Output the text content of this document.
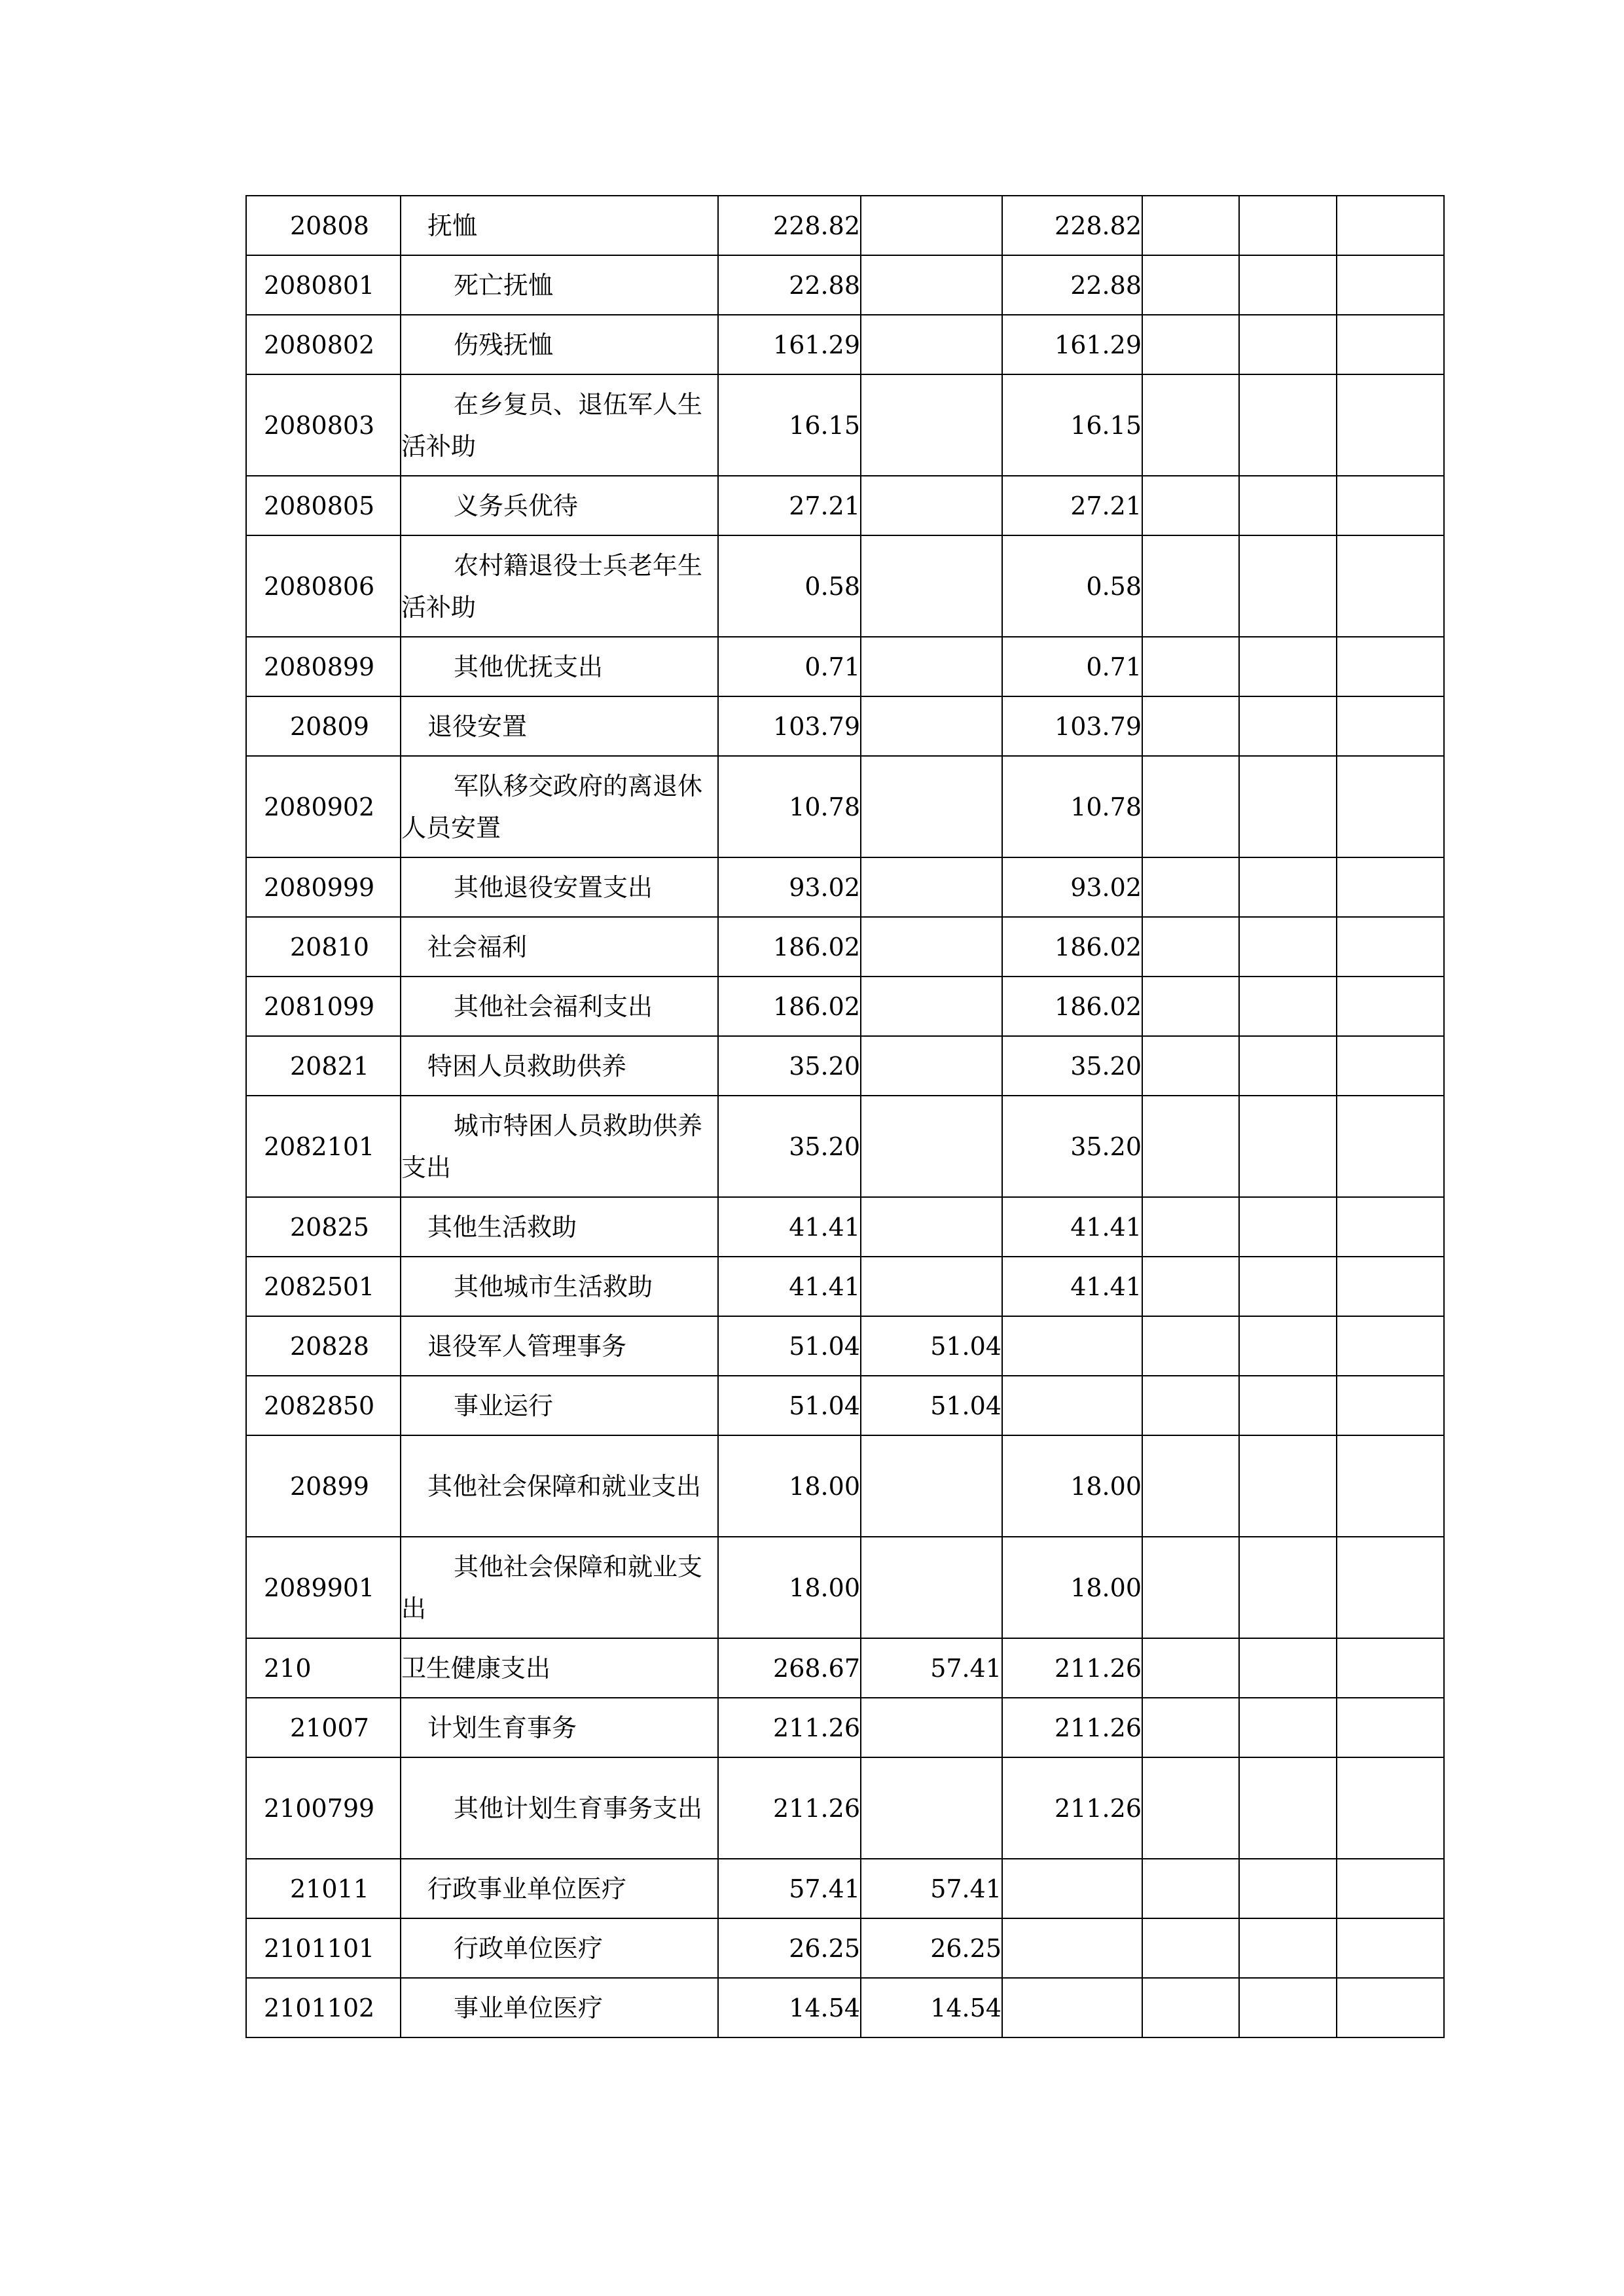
20808	抚恤	228.82		228.82			
2080801	死亡抚恤	22.88		22.88			
2080802	伤残抚恤	161.29		161.29			
2080803	在乡复员、退伍军人生活补助	16.15		16.15			
2080805	义务兵优待	27.21		27.21			
2080806	农村籍退役士兵老年生活补助	0.58		0.58			
2080899	其他优抚支出	0.71		0.71			
20809	退役安置	103.79		103.79			
2080902	军队移交政府的离退休人员安置	10.78		10.78			
2080999	其他退役安置支出	93.02		93.02			
20810	社会福利	186.02		186.02			
2081099	其他社会福利支出	186.02		186.02			
20821	特困人员救助供养	35.20		35.20			
2082101	城市特困人员救助供养支出	35.20		35.20			
20825	其他生活救助	41.41		41.41			
2082501	其他城市生活救助	41.41		41.41			
20828	退役军人管理事务	51.04	51.04				
2082850	事业运行	51.04	51.04				
20899	其他社会保障和就业支出	18.00		18.00			
2089901	其他社会保障和就业支出	18.00		18.00			
210	卫生健康支出	268.67	57.41	211.26			
21007	计划生育事务	211.26		211.26			
2100799	其他计划生育事务支出	211.26		211.26			
21011	行政事业单位医疗	57.41	57.41				
2101101	行政单位医疗	26.25	26.25				
2101102	事业单位医疗	14.54	14.54				
